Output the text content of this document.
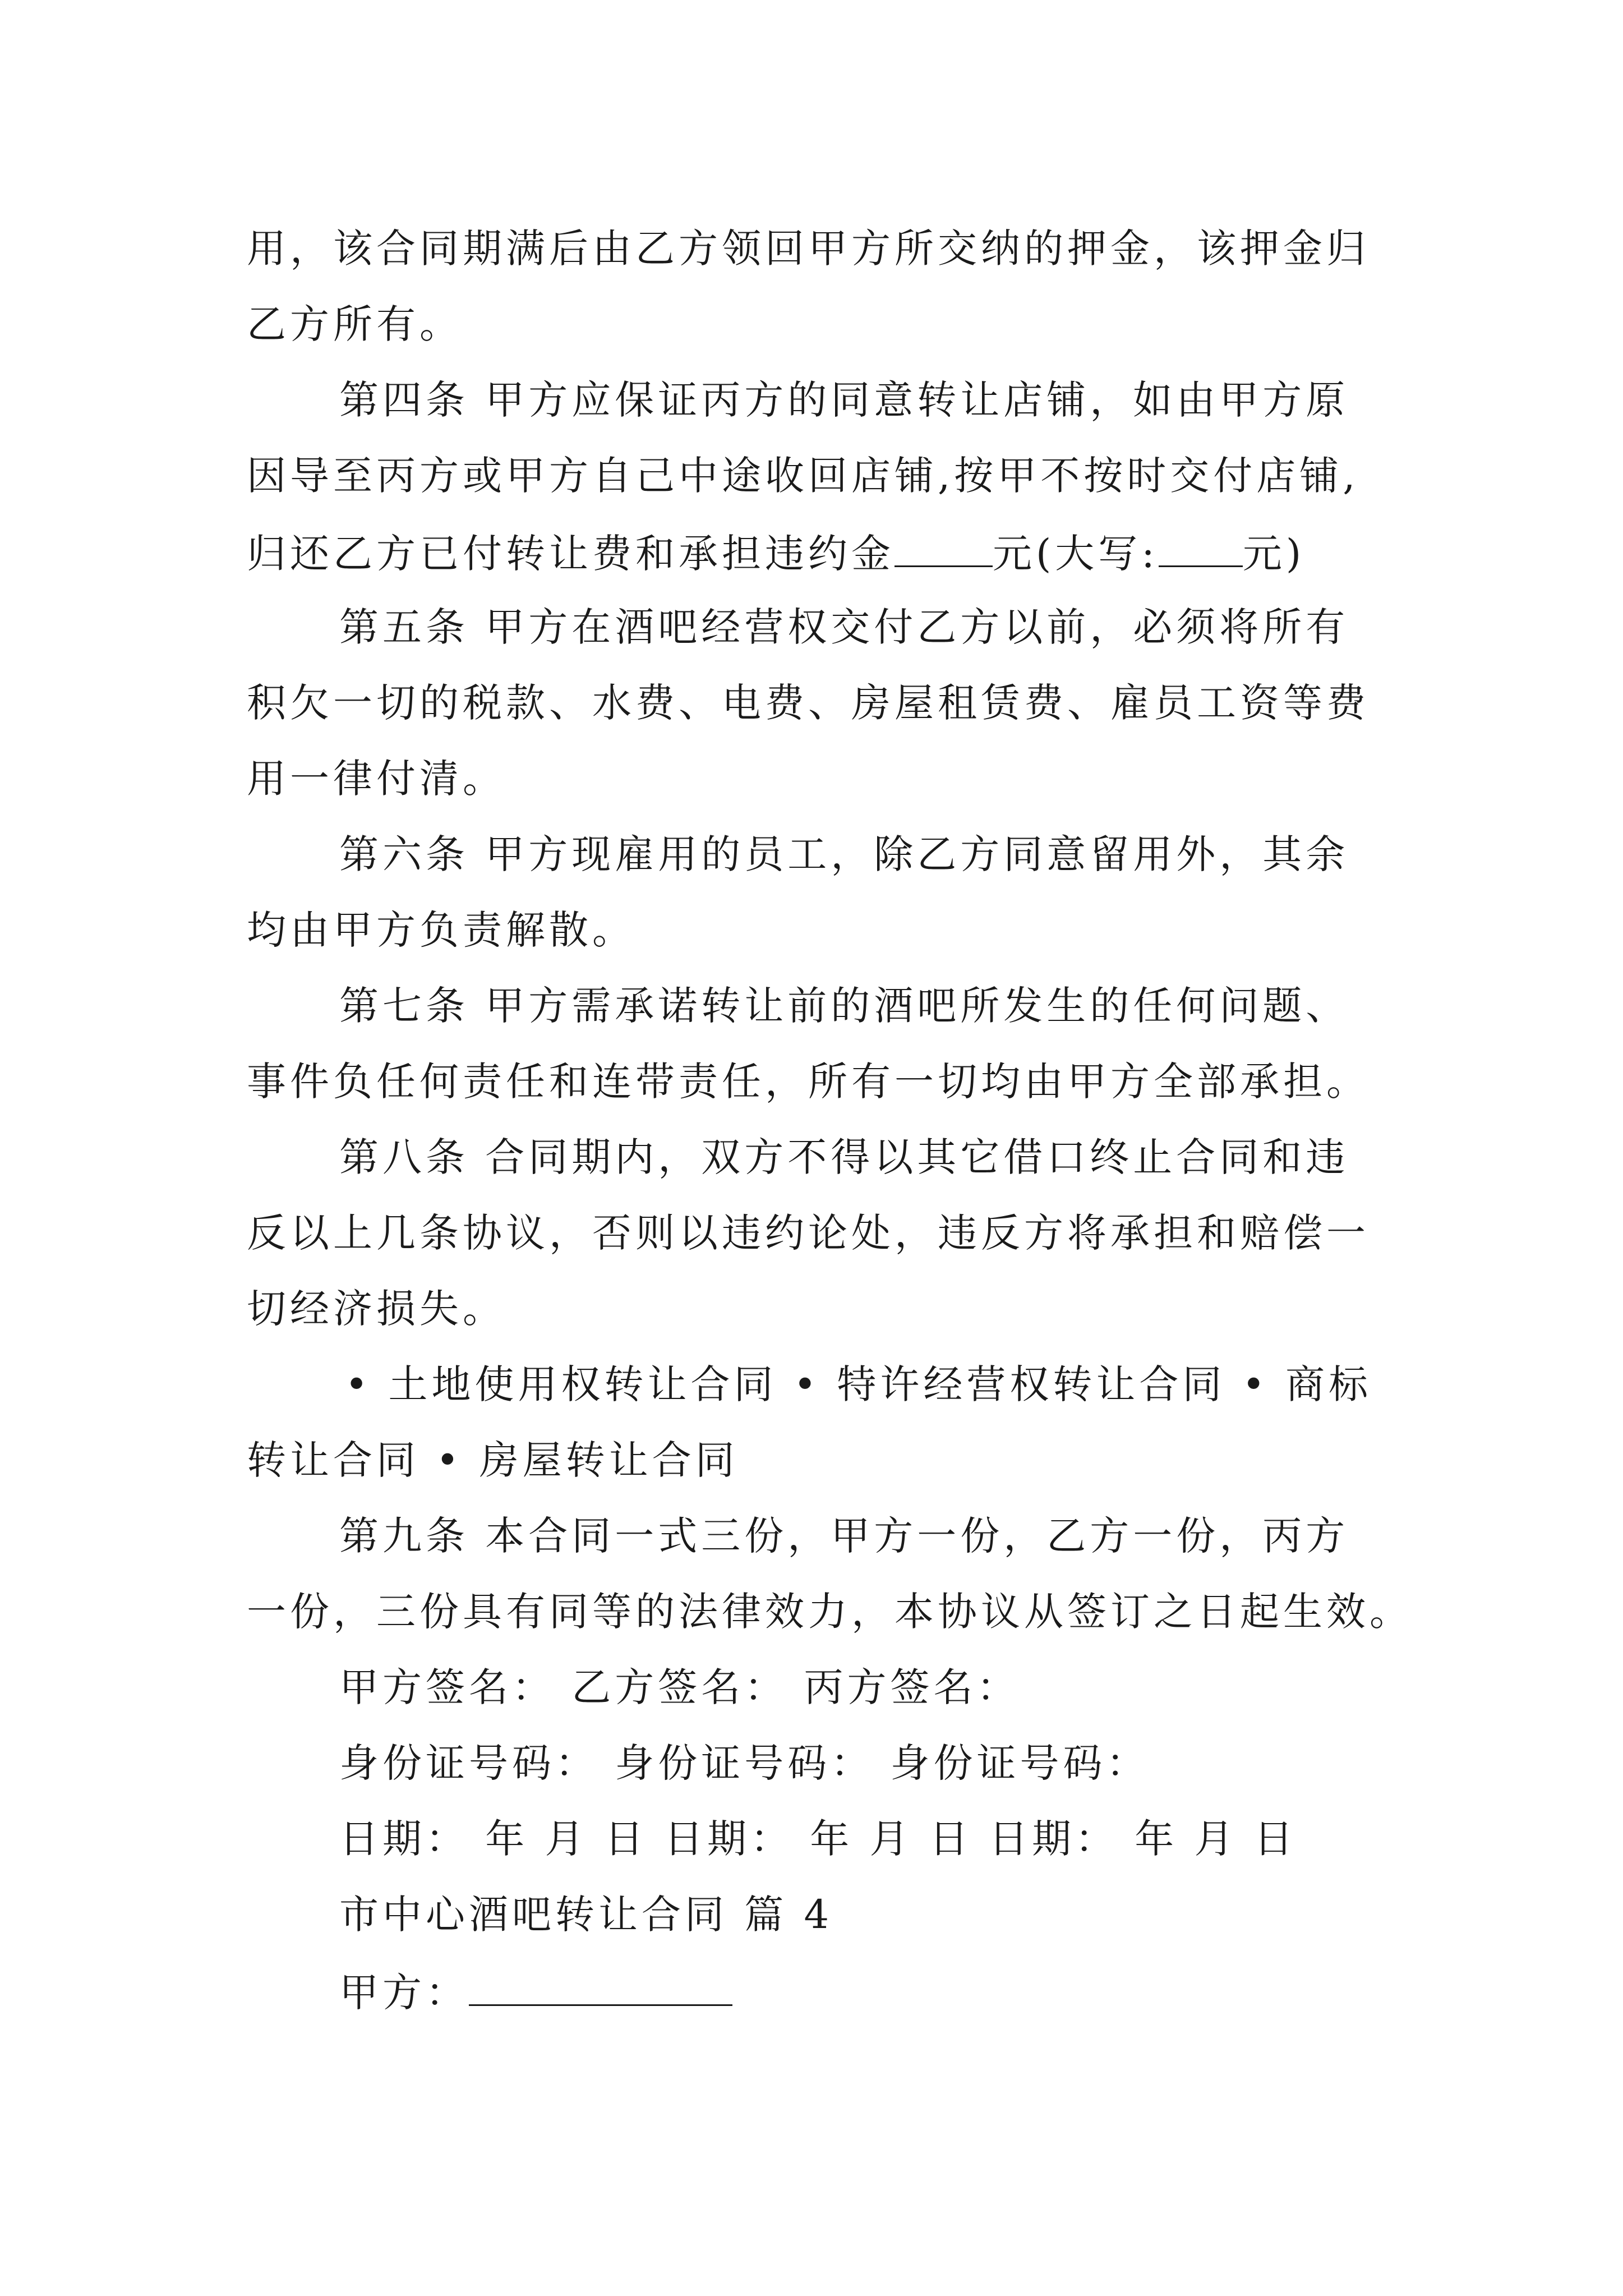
用，该合同期满后由乙方领回甲方所交纳的押金，该押金归
乙方所有。
第四条 甲方应保证丙方的同意转让店铺，如由甲方原
因导至丙方或甲方自己中途收回店铺,按甲不按时交付店铺,
归还乙方已付转让费和承担违约金	元(大写: 元)
第五条 甲方在酒吧经营权交付乙方以前，必须将所有
积欠一切的税款、水费、电费、房屋租赁费、雇员工资等费
用一律付清。
第六条 甲方现雇用的员工，除乙方同意留用外，其余
均由甲方负责解散。
第七条 甲方需承诺转让前的酒吧所发生的任何问题、
事件负任何责任和连带责任，所有一切均由甲方全部承担。
第八条 合同期内，双方不得以其它借口终止合同和违
反以上几条协议，否则以违约论处，违反方将承担和赔偿一
切经济损失。
• 土地使用权转让合同 • 特许经营权转让合同 • 商标
转让合同 • 房屋转让合同
第九条 本合同一式三份，甲方一份，乙方一份，丙方
一份，三份具有同等的法律效力，本协议从签订之日起生效。
甲方签名： 乙方签名： 丙方签名：
身份证号码： 身份证号码： 身份证号码：
日期： 年 月 日 日期： 年 月 日 日期： 年 月 日
市中心酒吧转让合同 篇 4
甲方：
